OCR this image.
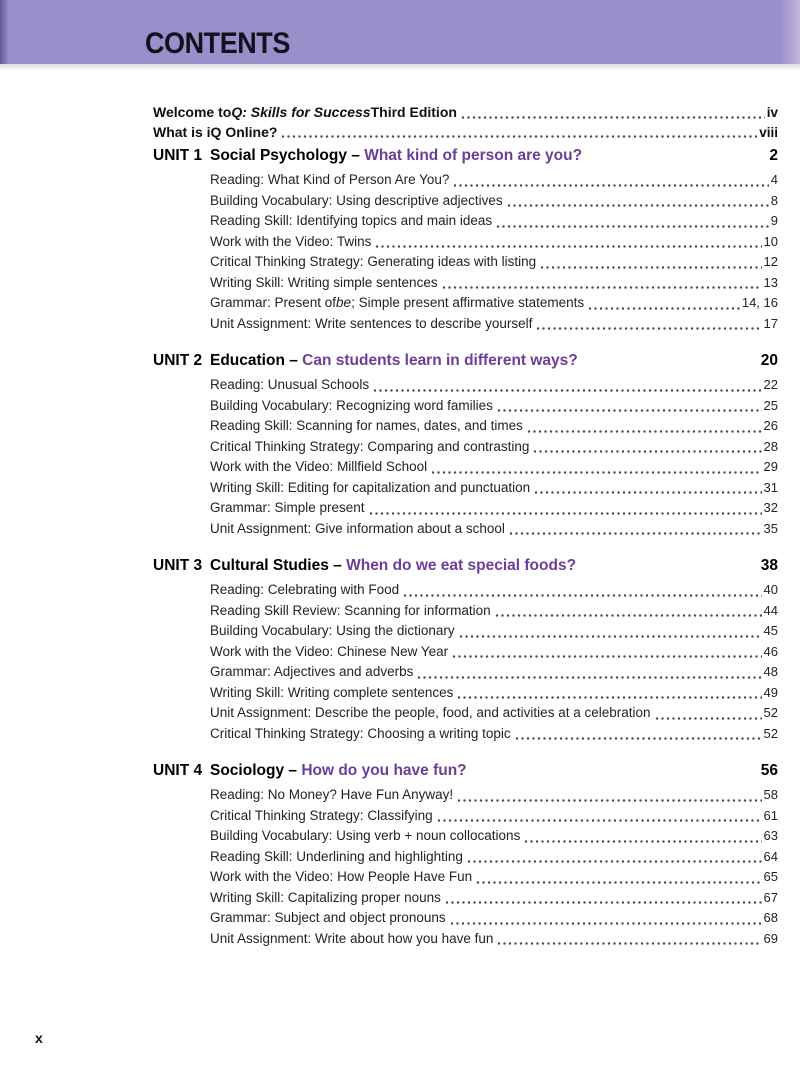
CONTENTS
Welcome to Q: Skills for Success Third Edition	iv
What is iQ Online?	viii
UNIT 1 Social Psychology – What kind of person are you?	2
Reading: What Kind of Person Are You?	4
Building Vocabulary: Using descriptive adjectives	8
Reading Skill: Identifying topics and main ideas	9
Work with the Video: Twins	10
Critical Thinking Strategy: Generating ideas with listing	12
Writing Skill: Writing simple sentences	13
Grammar: Present of be ; Simple present affirmative statements	14, 16
Unit Assignment: Write sentences to describe yourself	17
UNIT 2 Education – Can students learn in different ways?	20
Reading: Unusual Schools	22
Building Vocabulary: Recognizing word families	25
Reading Skill: Scanning for names, dates, and times	26
Critical Thinking Strategy: Comparing and contrasting	28
Work with the Video: Millfield School	29
Writing Skill: Editing for capitalization and punctuation	31
Grammar: Simple present	32
Unit Assignment: Give information about a school	35
UNIT 3 Cultural Studies – When do we eat special foods?	38
Reading: Celebrating with Food	40
Reading Skill Review: Scanning for information	44
Building Vocabulary: Using the dictionary	45
Work with the Video: Chinese New Year	46
Grammar: Adjectives and adverbs	48
Writing Skill: Writing complete sentences	49
Unit Assignment: Describe the people, food, and activities at a celebration	52
Critical Thinking Strategy: Choosing a writing topic	52
UNIT 4 Sociology – How do you have fun?	56
Reading: No Money? Have Fun Anyway!	58
Critical Thinking Strategy: Classifying	61
Building Vocabulary: Using verb + noun collocations	63
Reading Skill: Underlining and highlighting	64
Work with the Video: How People Have Fun	65
Writing Skill: Capitalizing proper nouns	67
Grammar: Subject and object pronouns	68
Unit Assignment: Write about how you have fun	69
x
